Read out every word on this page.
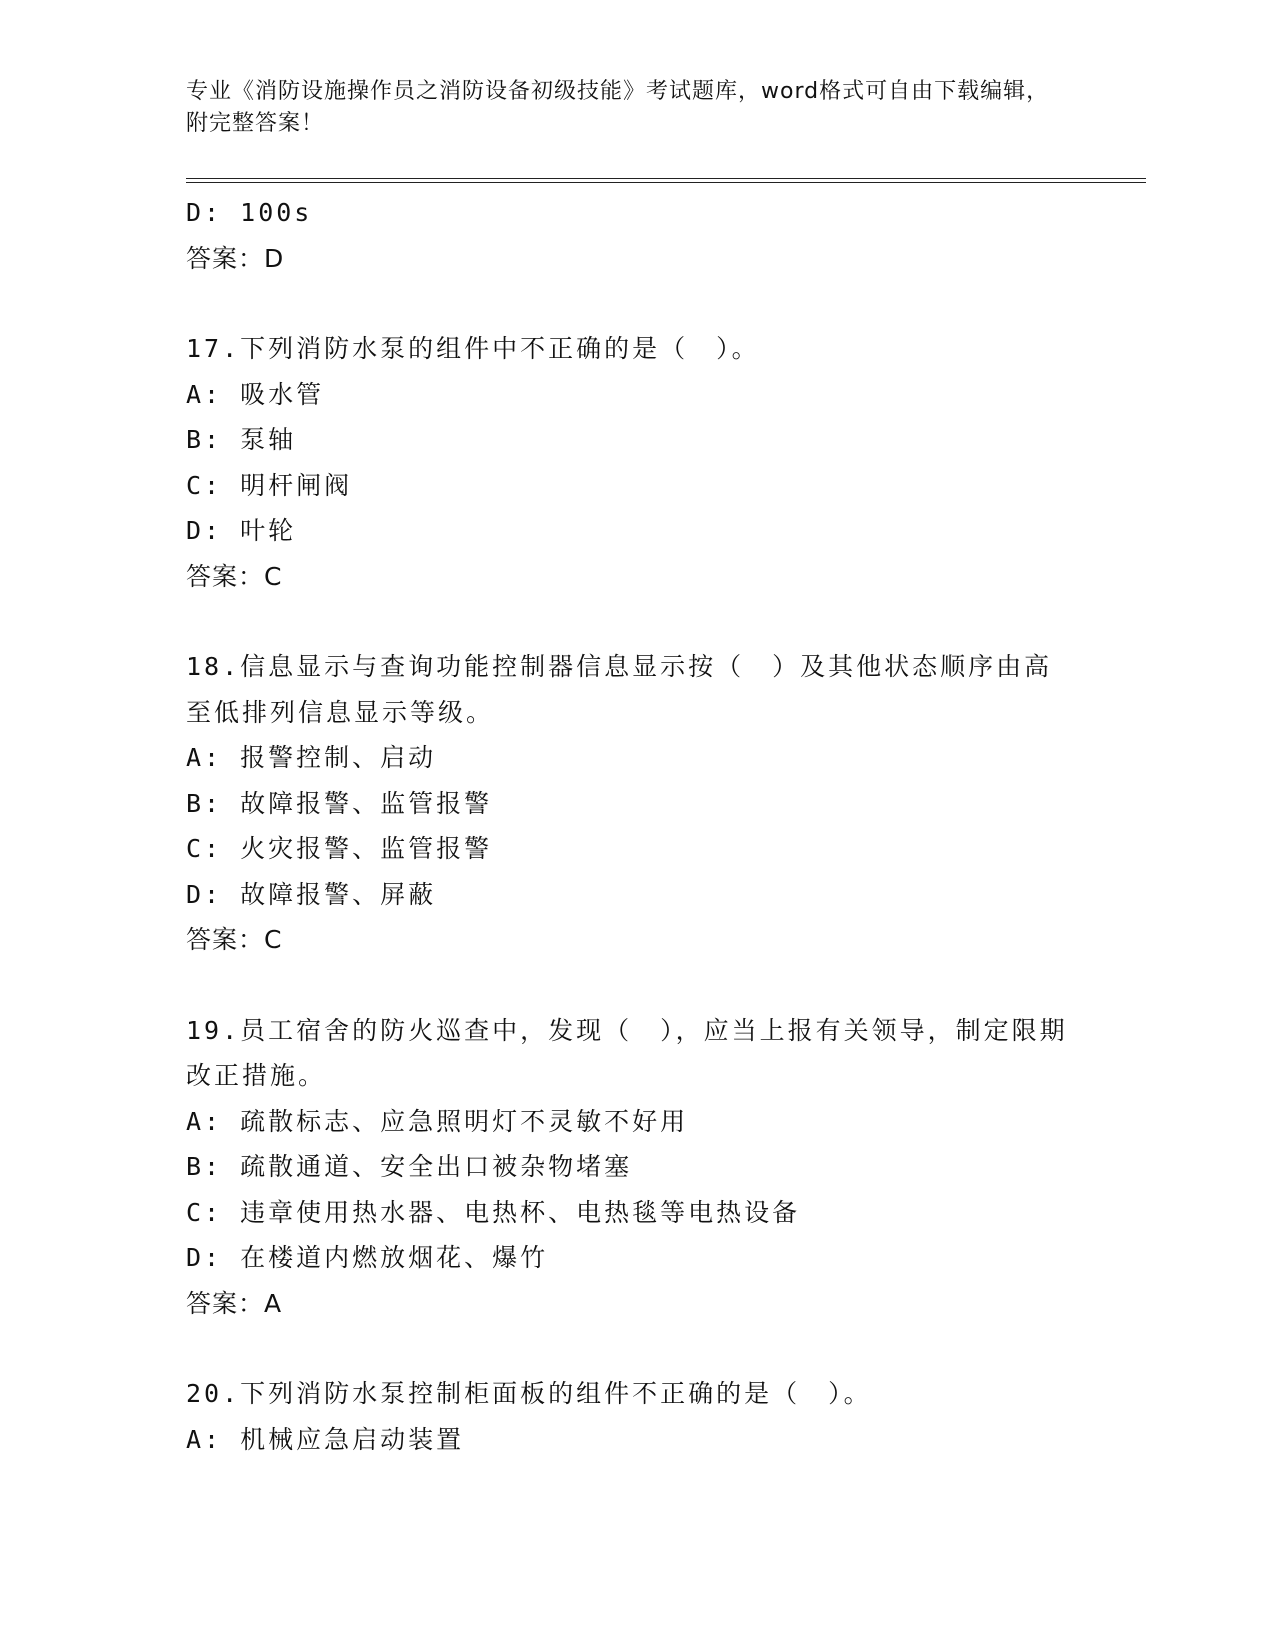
专业《消防设施操作员之消防设备初级技能》考试题库，word格式可自由下载编辑，附完整答案！
D: 100s
答案：D
17.下列消防水泵的组件中不正确的是（　）。
A: 吸水管
B: 泵轴
C: 明杆闸阀
D: 叶轮
答案：C
18.信息显示与查询功能控制器信息显示按（　）及其他状态顺序由高至低排列信息显示等级。
A: 报警控制、启动
B: 故障报警、监管报警
C: 火灾报警、监管报警
D: 故障报警、屏蔽
答案：C
19.员工宿舍的防火巡查中，发现（　），应当上报有关领导，制定限期改正措施。
A: 疏散标志、应急照明灯不灵敏不好用
B: 疏散通道、安全出口被杂物堵塞
C: 违章使用热水器、电热杯、电热毯等电热设备
D: 在楼道内燃放烟花、爆竹
答案：A
20.下列消防水泵控制柜面板的组件不正确的是（　）。
A: 机械应急启动装置
